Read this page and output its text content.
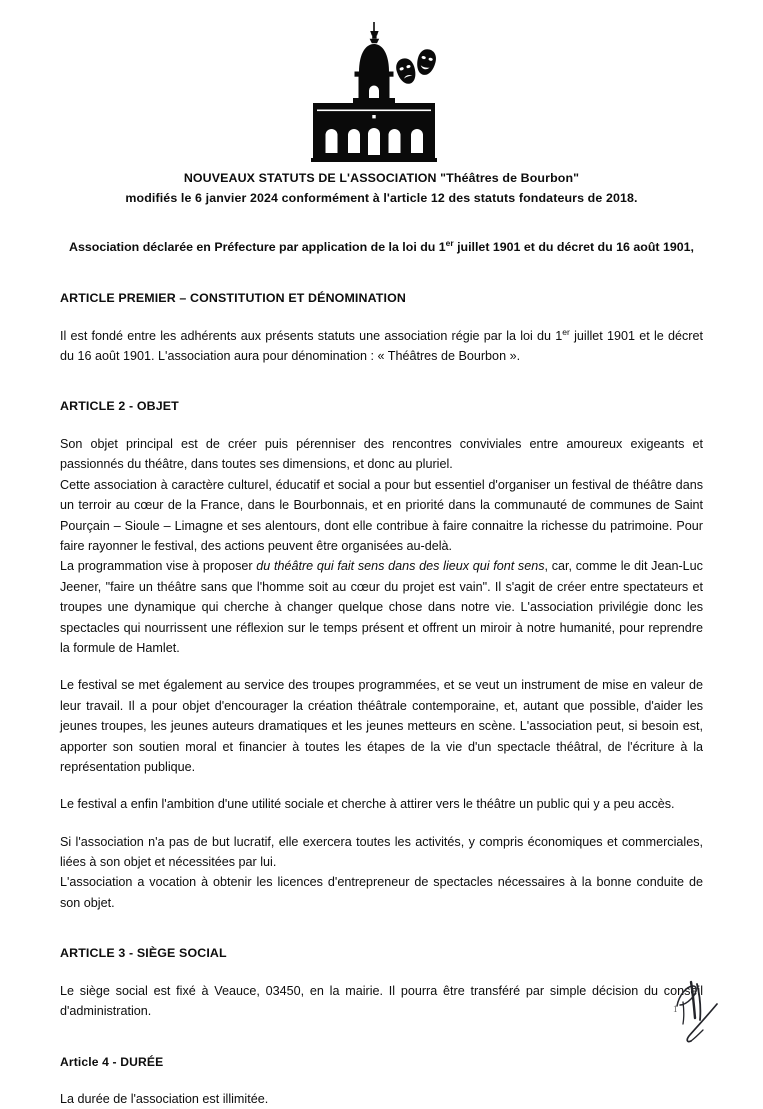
NOUVEAUX STATUTS DE L'ASSOCIATION "Théâtres de Bourbon"
modifiés le 6 janvier 2024 conformément à l'article 12 des statuts fondateurs de 2018.
Association déclarée en Préfecture par application de la loi du 1er juillet 1901 et du décret du 16 août 1901,
ARTICLE PREMIER – CONSTITUTION ET DÉNOMINATION

Il est fondé entre les adhérents aux présents statuts une association régie par la loi du 1er juillet 1901 et le décret du 16 août 1901. L'association aura pour dénomination : « Théâtres de Bourbon ».

ARTICLE 2 - OBJET

Son objet principal est de créer puis pérenniser des rencontres conviviales entre amoureux exigeants et passionnés du théâtre, dans toutes ses dimensions, et donc au pluriel.

Cette association à caractère culturel, éducatif et social a pour but essentiel d'organiser un festival de théâtre dans un terroir au cœur de la France, dans le Bourbonnais, et en priorité dans la communauté de communes de Saint Pourçain – Sioule – Limagne et ses alentours, dont elle contribue à faire connaitre la richesse du patrimoine. Pour faire rayonner le festival, des actions peuvent être organisées au-delà.

La programmation vise à proposer du théâtre qui fait sens dans des lieux qui font sens, car, comme le dit Jean-Luc Jeener, "faire un théâtre sans que l'homme soit au cœur du projet est vain". Il s'agit de créer entre spectateurs et troupes une dynamique qui cherche à changer quelque chose dans notre vie. L'association privilégie donc les spectacles qui nourrissent une réflexion sur le temps présent et offrent un miroir à notre humanité, pour reprendre la formule de Hamlet.

Le festival se met également au service des troupes programmées, et se veut un instrument de mise en valeur de leur travail. Il a pour objet d'encourager la création théâtrale contemporaine, et, autant que possible, d'aider les jeunes troupes, les jeunes auteurs dramatiques et les jeunes metteurs en scène. L'association peut, si besoin est, apporter son soutien moral et financier à toutes les étapes de la vie d'un spectacle théâtral, de l'écriture à la représentation publique.

Le festival a enfin l'ambition d'une utilité sociale et cherche à attirer vers le théâtre un public qui y a peu accès.

Si l'association n'a pas de but lucratif, elle exercera toutes les activités, y compris économiques et commerciales, liées à son objet et nécessitées par lui.

L'association a vocation à obtenir les licences d'entrepreneur de spectacles nécessaires à la bonne conduite de son objet.

ARTICLE 3 - SIÈGE SOCIAL

Le siège social est fixé à Veauce, 03450, en la mairie. Il pourra être transféré par simple décision du conseil d'administration.

Article 4 - DURÉE

La durée de l'association est illimitée.

1
